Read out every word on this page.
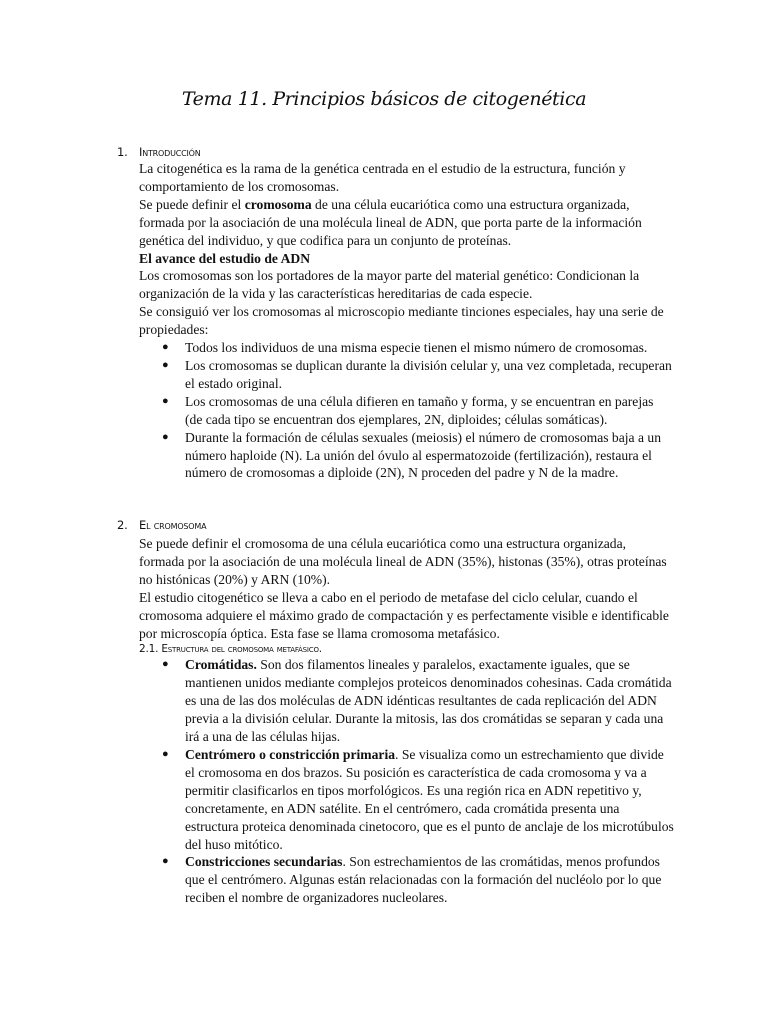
Tema 11. Principios básicos de citogenética
1. Introducción

La citogenética es la rama de la genética centrada en el estudio de la estructura, función y comportamiento de los cromosomas.

Se puede definir el cromosoma de una célula eucariótica como una estructura organizada, formada por la asociación de una molécula lineal de ADN, que porta parte de la información genética del individuo, y que codifica para un conjunto de proteínas.

El avance del estudio de ADN

Los cromosomas son los portadores de la mayor parte del material genético: Condicionan la organización de la vida y las características hereditarias de cada especie.

Se consiguió ver los cromosomas al microscopio mediante tinciones especiales, hay una serie de propiedades:

● Todos los individuos de una misma especie tienen el mismo número de cromosomas.
● Los cromosomas se duplican durante la división celular y, una vez completada, recuperan el estado original.
● Los cromosomas de una célula difieren en tamaño y forma, y se encuentran en parejas (de cada tipo se encuentran dos ejemplares, 2N, diploides; células somáticas).
● Durante la formación de células sexuales (meiosis) el número de cromosomas baja a un número haploide (N). La unión del óvulo al espermatozoide (fertilización), restaura el número de cromosomas a diploide (2N), N proceden del padre y N de la madre.
2. El cromosoma

Se puede definir el cromosoma de una célula eucariótica como una estructura organizada, formada por la asociación de una molécula lineal de ADN (35%), histonas (35%), otras proteínas no histónicas (20%) y ARN (10%).

El estudio citogenético se lleva a cabo en el periodo de metafase del ciclo celular, cuando el cromosoma adquiere el máximo grado de compactación y es perfectamente visible e identificable por microscopía óptica. Esta fase se llama cromosoma metafásico.

2.1. Estructura del cromosoma metafásico.

● Cromátidas. Son dos filamentos lineales y paralelos, exactamente iguales, que se mantienen unidos mediante complejos proteicos denominados cohesinas. Cada cromátida es una de las dos moléculas de ADN idénticas resultantes de cada replicación del ADN previa a la división celular. Durante la mitosis, las dos cromátidas se separan y cada una irá a una de las células hijas.
● Centrómero o constricción primaria. Se visualiza como un estrechamiento que divide el cromosoma en dos brazos. Su posición es característica de cada cromosoma y va a permitir clasificarlos en tipos morfológicos. Es una región rica en ADN repetitivo y, concretamente, en ADN satélite. En el centrómero, cada cromátida presenta una estructura proteica denominada cinetocoro, que es el punto de anclaje de los microtúbulos del huso mitótico.
● Constricciones secundarias. Son estrechamientos de las cromátidas, menos profundos que el centrómero. Algunas están relacionadas con la formación del nucléolo por lo que reciben el nombre de organizadores nucleolares.
